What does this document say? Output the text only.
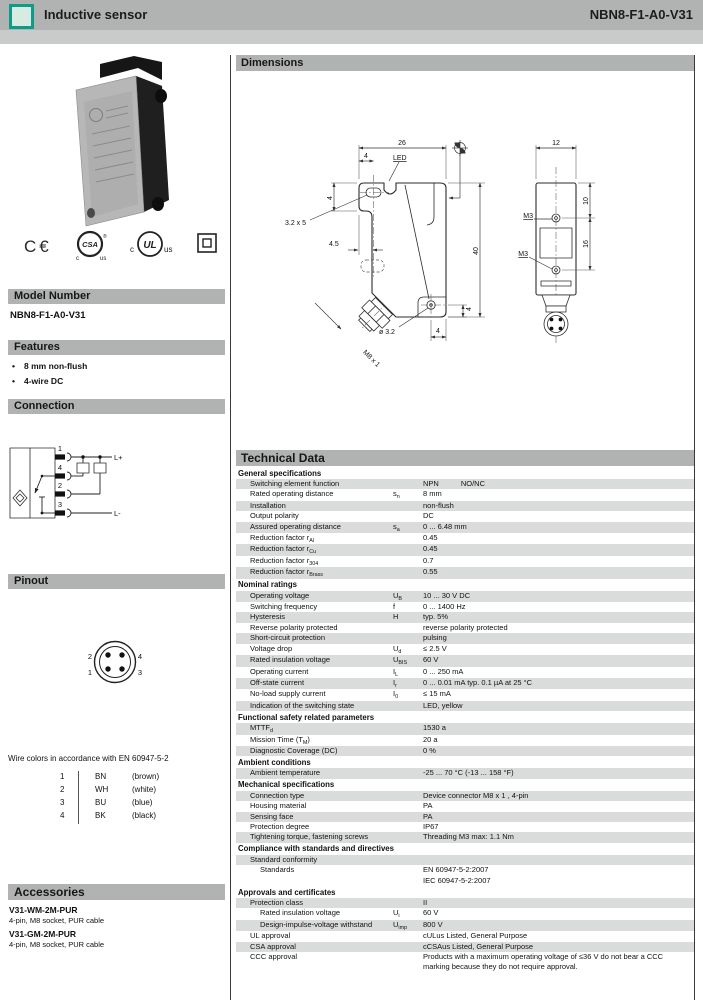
Inductive sensor	NBN8-F1-A0-V31
C€	CSA
®
c	us
c UL us
Model Number
NBN8-F1-A0-V31
Features
• 8 mm non-flush
• 4-wire DC
Connection
1
4
2
3
L+
L-
Pinout
2	4
1	3
Wire colors in accordance with EN 60947-5-2
1	BN	(brown)
2	WH	(white)
3	BU	(blue)
4	BK	(black)
Accessories
V31-WM-2M-PUR
4-pin, M8 socket, PUR cable
V31-GM-2M-PUR
4-pin, M8 socket, PUR cable
Dimensions
26
4	LED
4
3.2 x 5
4.5
40
ø 3.2	4
4
M8 x 1
12
10
16
M3
M3
Technical Data
General specifications
Switching element function	NPN	NO/NC
Rated operating distance	$s_n$	8 mm
Installation	non-flush
Output polarity	DC
Assured operating distance	$s_a$	0 ... 6.48 mm
Reduction factor $r_{Al}$	0.45
Reduction factor $r_{Cu}$	0.45
Reduction factor $r_{304}$	0.7
Reduction factor $r_{Brass}$	0.55
Nominal ratings
Operating voltage	$U_B$	10 ... 30 V DC
Switching frequency	f	0 ... 1400 Hz
Hysteresis	H	typ. 5%
Reverse polarity protected	reverse polarity protected
Short-circuit protection	pulsing
Voltage drop	$U_d$	≤ 2.5 V
Rated insulation voltage	$U_{BIS}$	60 V
Operating current	$I_L$	0 ... 250 mA
Off-state current	$I_r$	0 ... 0.01 mA typ. 0.1 µA at 25 °C
No-load supply current	$I_0$	≤ 15 mA
Indication of the switching state	LED, yellow
Functional safety related parameters
$MTTF_d$	1530 a
Mission Time $(T_M)$	20 a
Diagnostic Coverage (DC)	0 %
Ambient conditions
Ambient temperature	-25 ... 70 °C (-13 ... 158 °F)
Mechanical specifications
Connection type	Device connector M8 x 1 , 4-pin
Housing material	PA
Sensing face	PA
Protection degree	IP67
Tightening torque, fastening screws	Threading M3 max: 1.1 Nm
Compliance with standards and directives
Standard conformity
Standards	EN 60947-5-2:2007
IEC 60947-5-2:2007
Approvals and certificates
Protection class	II
Rated insulation voltage	$U_i$	60 V
Design-impulse-voltage withstand	$U_{imp}$	800 V
UL approval	cULus Listed, General Purpose
CSA approval	cCSAus Listed, General Purpose
CCC approval	Products with a maximum operating voltage of ≤36 V do not bear a CCC marking because they do not require approval.
